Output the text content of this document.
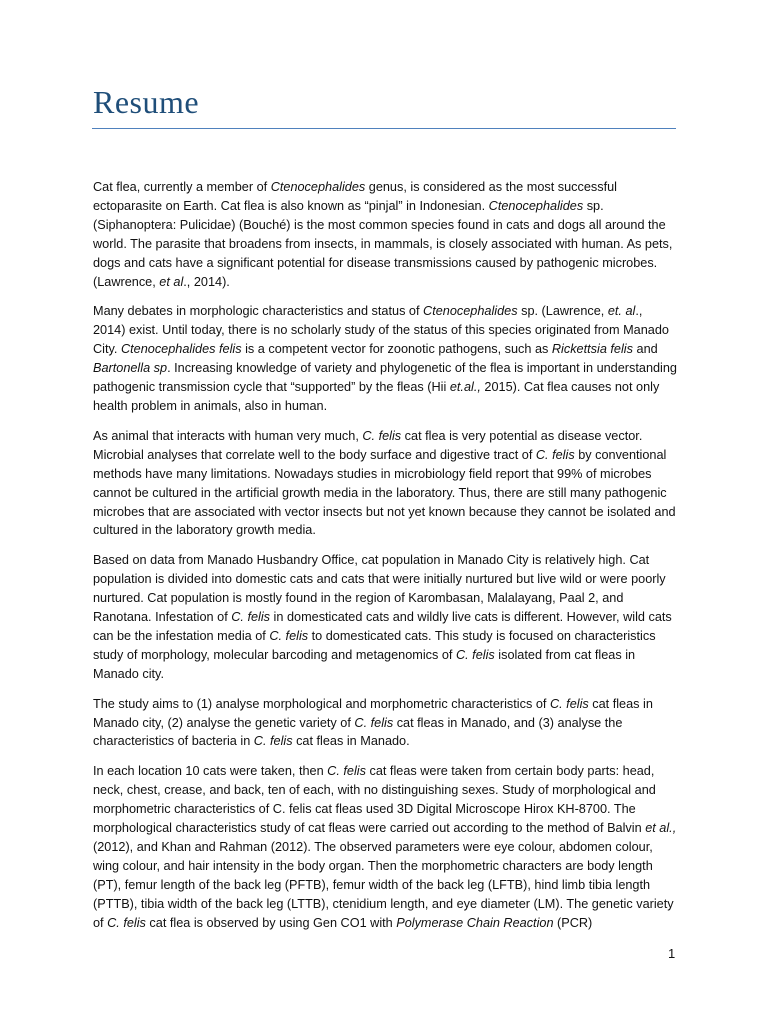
Resume

Cat flea, currently a member of Ctenocephalides genus, is considered as the most successful ectoparasite on Earth. Cat flea is also known as “pinjal” in Indonesian. Ctenocephalides sp. (Siphanoptera: Pulicidae) (Bouché) is the most common species found in cats and dogs all around the world. The parasite that broadens from insects, in mammals, is closely associated with human. As pets, dogs and cats have a significant potential for disease transmissions caused by pathogenic microbes. (Lawrence, et al., 2014).

Many debates in morphologic characteristics and status of Ctenocephalides sp. (Lawrence, et. al., 2014) exist. Until today, there is no scholarly study of the status of this species originated from Manado City. Ctenocephalides felis is a competent vector for zoonotic pathogens, such as Rickettsia felis and Bartonella sp. Increasing knowledge of variety and phylogenetic of the flea is important in understanding pathogenic transmission cycle that “supported” by the fleas (Hii et.al., 2015). Cat flea causes not only health problem in animals, also in human.

As animal that interacts with human very much, C. felis cat flea is very potential as disease vector. Microbial analyses that correlate well to the body surface and digestive tract of C. felis by conventional methods have many limitations. Nowadays studies in microbiology field report that 99% of microbes cannot be cultured in the artificial growth media in the laboratory. Thus, there are still many pathogenic microbes that are associated with vector insects but not yet known because they cannot be isolated and cultured in the laboratory growth media.

Based on data from Manado Husbandry Office, cat population in Manado City is relatively high. Cat population is divided into domestic cats and cats that were initially nurtured but live wild or were poorly nurtured. Cat population is mostly found in the region of Karombasan, Malalayang, Paal 2, and Ranotana. Infestation of C. felis in domesticated cats and wildly live cats is different. However, wild cats can be the infestation media of C. felis to domesticated cats. This study is focused on characteristics study of morphology, molecular barcoding and metagenomics of C. felis isolated from cat fleas in Manado city.

The study aims to (1) analyse morphological and morphometric characteristics of C. felis cat fleas in Manado city, (2) analyse the genetic variety of C. felis cat fleas in Manado, and (3) analyse the characteristics of bacteria in C. felis cat fleas in Manado.

In each location 10 cats were taken, then C. felis cat fleas were taken from certain body parts: head, neck, chest, crease, and back, ten of each, with no distinguishing sexes. Study of morphological and morphometric characteristics of C. felis cat fleas used 3D Digital Microscope Hirox KH-8700. The morphological characteristics study of cat fleas were carried out according to the method of Balvin et al., (2012), and Khan and Rahman (2012). The observed parameters were eye colour, abdomen colour, wing colour, and hair intensity in the body organ. Then the morphometric characters are body length (PT), femur length of the back leg (PFTB), femur width of the back leg (LFTB), hind limb tibia length (PTTB), tibia width of the back leg (LTTB), ctenidium length, and eye diameter (LM). The genetic variety of C. felis cat flea is observed by using Gen CO1 with Polymerase Chain Reaction (PCR)

1
